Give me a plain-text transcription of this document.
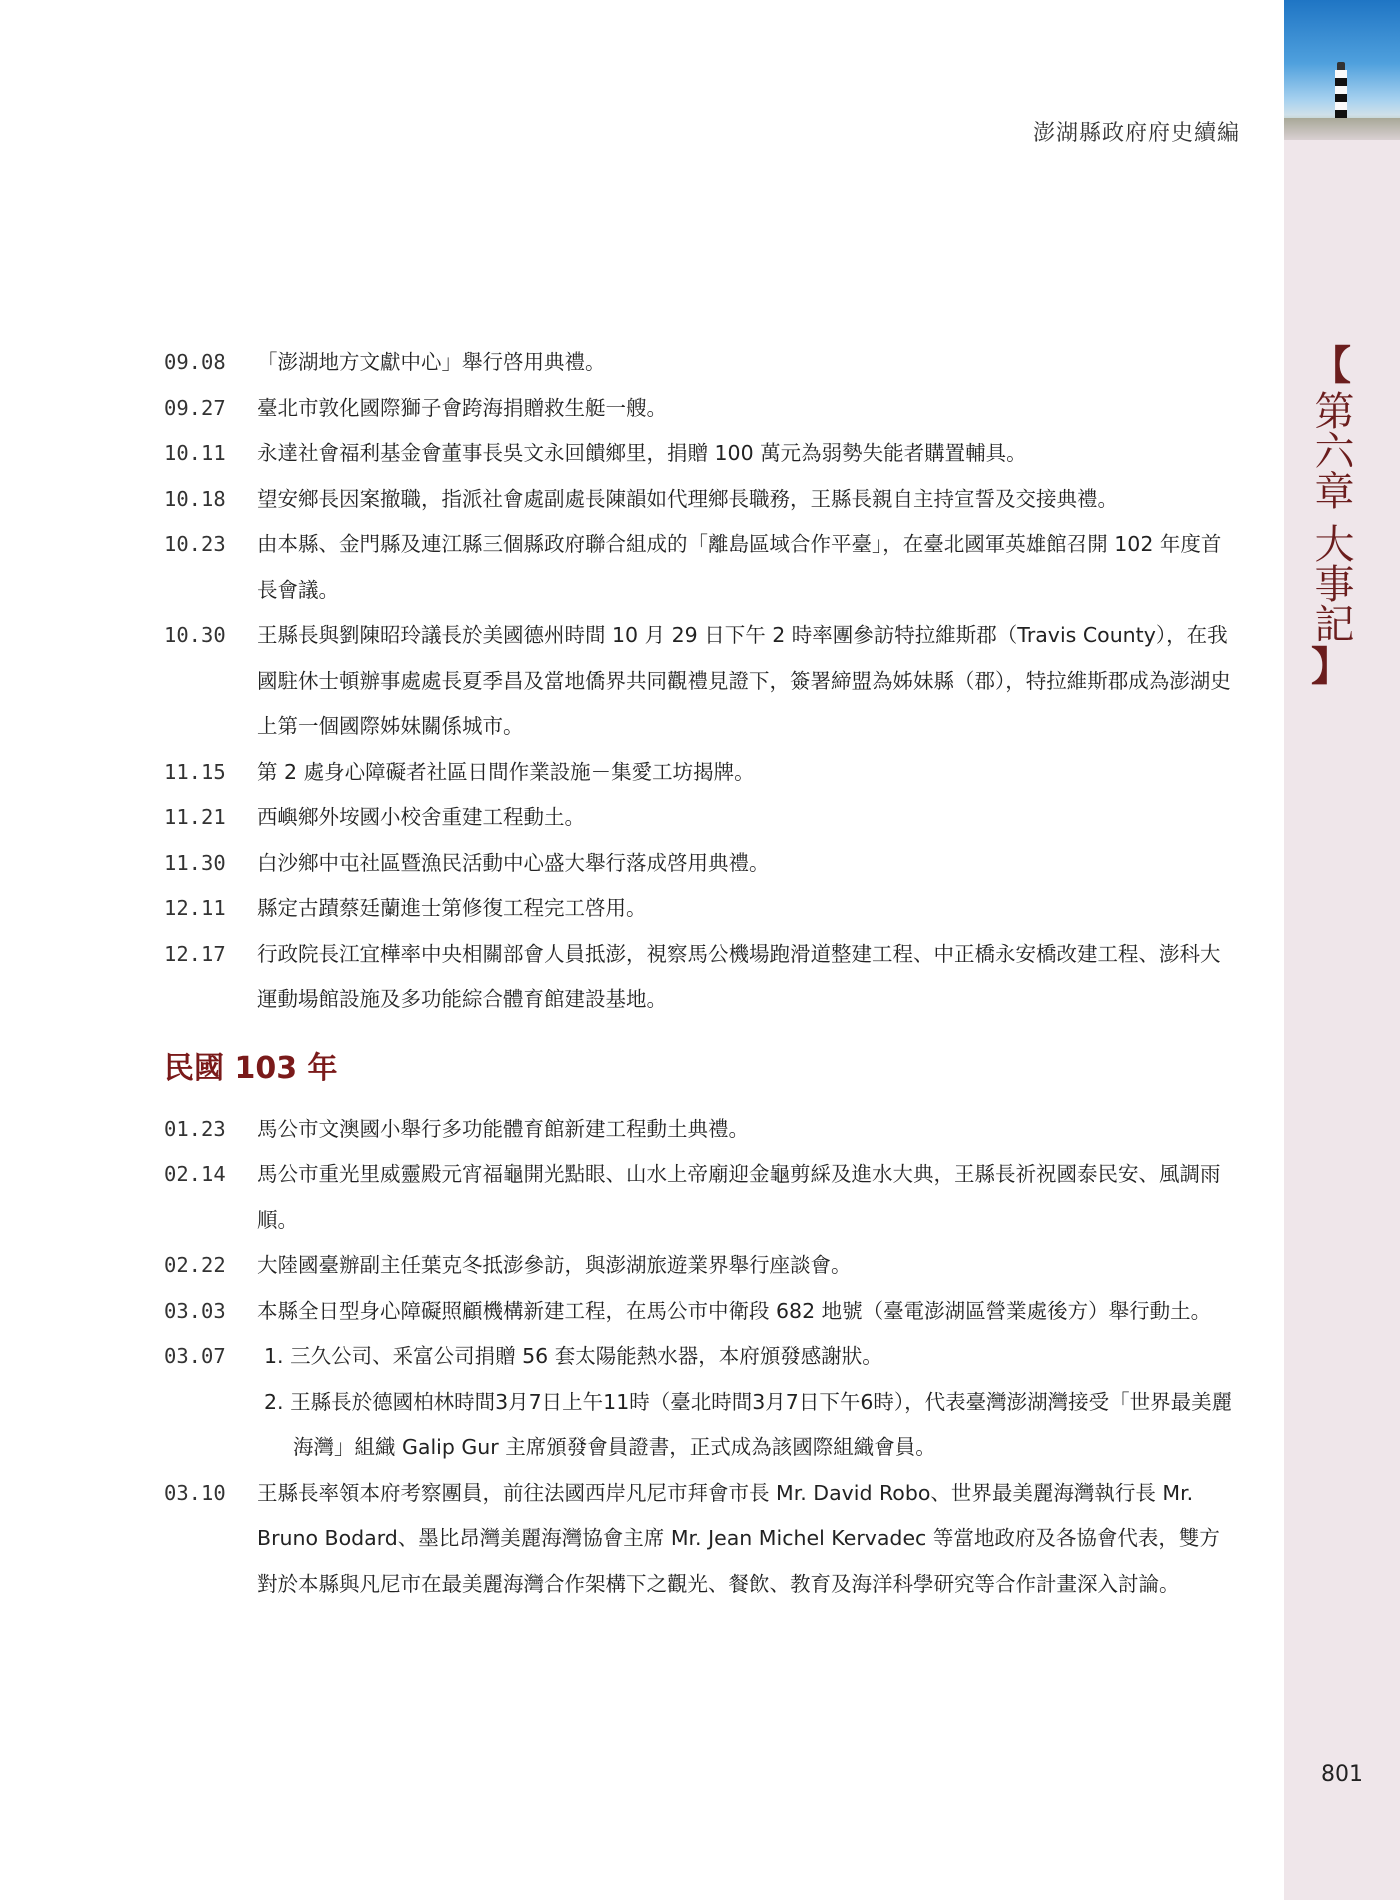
【
第六章 大事記
】
澎湖縣政府府史續編
09.08	「澎湖地方文獻中心」舉行啓用典禮。
09.27	臺北市敦化國際獅子會跨海捐贈救生艇一艘。
10.11	永達社會福利基金會董事長吳文永回饋鄉里，捐贈 100 萬元為弱勢失能者購置輔具。
10.18	望安鄉長因案撤職，指派社會處副處長陳韻如代理鄉長職務，王縣長親自主持宣誓及交接典禮。
10.23	由本縣、金門縣及連江縣三個縣政府聯合組成的「離島區域合作平臺」，在臺北國軍英雄館召開 102 年度首長會議。
10.30	王縣長與劉陳昭玲議長於美國德州時間 10 月 29 日下午 2 時率團參訪特拉維斯郡（Travis County），在我國駐休士頓辦事處處長夏季昌及當地僑界共同觀禮見證下，簽署締盟為姊妹縣（郡），特拉維斯郡成為澎湖史上第一個國際姊妹關係城市。
11.15	第 2 處身心障礙者社區日間作業設施－集愛工坊揭牌。
11.21	西嶼鄉外垵國小校舍重建工程動土。
11.30	白沙鄉中屯社區暨漁民活動中心盛大舉行落成啓用典禮。
12.11	縣定古蹟蔡廷蘭進士第修復工程完工啓用。
12.17	行政院長江宜樺率中央相關部會人員抵澎，視察馬公機場跑滑道整建工程、中正橋永安橋改建工程、澎科大運動場館設施及多功能綜合體育館建設基地。
民國 103 年
01.23	馬公市文澳國小舉行多功能體育館新建工程動土典禮。
02.14	馬公市重光里威靈殿元宵福龜開光點眼、山水上帝廟迎金龜剪綵及進水大典，王縣長祈祝國泰民安、風調雨順。
02.22	大陸國臺辦副主任葉克冬抵澎參訪，與澎湖旅遊業界舉行座談會。
03.03	本縣全日型身心障礙照顧機構新建工程，在馬公市中衛段 682 地號（臺電澎湖區營業處後方）舉行動土。
03.07	1. 三久公司、釆富公司捐贈 56 套太陽能熱水器，本府頒發感謝狀。
2. 王縣長於德國柏林時間3月7日上午11時（臺北時間3月7日下午6時），代表臺灣澎湖灣接受「世界最美麗海灣」組織 Galip Gur 主席頒發會員證書，正式成為該國際組織會員。
03.10	王縣長率領本府考察團員，前往法國西岸凡尼市拜會市長 Mr. David Robo、世界最美麗海灣執行長 Mr. Bruno Bodard、墨比昂灣美麗海灣協會主席 Mr. Jean Michel Kervadec 等當地政府及各協會代表，雙方對於本縣與凡尼市在最美麗海灣合作架構下之觀光、餐飲、教育及海洋科學研究等合作計畫深入討論。
801
